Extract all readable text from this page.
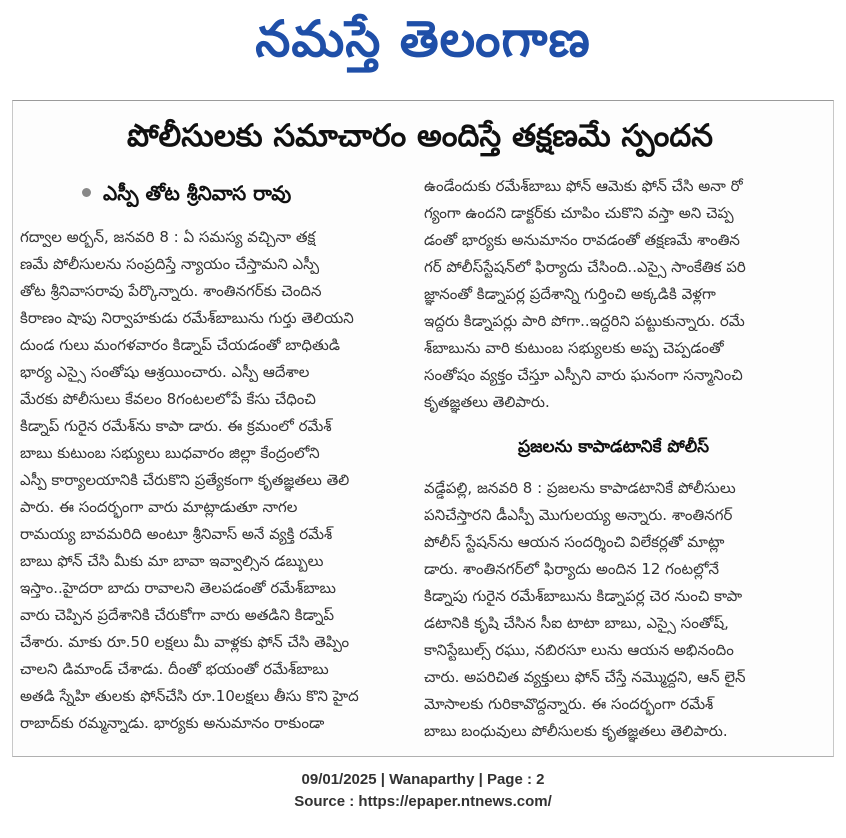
నమస్తే తెలంగాణ
పోలీసులకు సమాచారం అందిస్తే తక్షణమే స్పందన
ఎస్పీ తోట శ్రీనివాస రావు
గద్వాల అర్బన్, జనవరి 8 : ఏ సమస్య వచ్చినా తక్ష
ణమే పోలీసులను సంప్రదిస్తే న్యాయం చేస్తామని ఎస్పీ
తోట శ్రీనివాసరావు పేర్కొన్నారు. శాంతినగర్‌కు చెందిన
కిరాణం షాపు నిర్వాహకుడు రమేశ్‌బాబును గుర్తు తెలియని
దుండ గులు మంగళవారం కిడ్నాప్ చేయడంతో బాధితుడి
భార్య ఎస్సై సంతోషు ఆశ్రయించారు. ఎస్పీ ఆదేశాల
మేరకు పోలీసులు కేవలం 8గంటలలోపే కేసు చేధించి
కిడ్నాప్ గురైన రమేశ్‌ను కాపా డారు. ఈ క్రమంలో రమేశ్
బాబు కుటుంబ సభ్యులు బుధవారం జిల్లా కేంద్రంలోని
ఎస్పీ కార్యాలయానికి చేరుకొని ప్రత్యేకంగా కృతజ్ఞతలు తెలి
పారు. ఈ సందర్భంగా వారు మాట్లాడుతూ నాగల
రామయ్య బావమరిది అంటూ శ్రీనివాస్ అనే వ్యక్తి రమేశ్
బాబు ఫోన్ చేసి మీకు మా బావా ఇవ్వాల్సిన డబ్బులు
ఇస్తాం..హైదరా బాదు రావాలని తెలపడంతో రమేశ్‌బాబు
వారు చెప్పిన ప్రదేశానికి చేరుకోగా వారు అతడిని కిడ్నాప్
చేశారు. మాకు రూ.50 లక్షలు మీ వాళ్లకు ఫోన్ చేసి తెప్పిం
చాలని డిమాండ్ చేశాడు. దీంతో భయంతో రమేశ్‌బాబు
అతడి స్నేహి తులకు ఫోన్‌చేసి రూ.10లక్షలు తీసు కొని హైద
రాబాద్‌కు రమ్మన్నాడు. భార్యకు అనుమానం రాకుండా
ఉండేందుకు రమేశ్‌బాబు ఫోన్ ఆమెకు ఫోన్ చేసి అనా రో
గ్యంగా ఉందని డాక్టర్‌కు చూపిం చుకొని వస్తా అని చెప్ప
డంతో భార్యకు అనుమానం రావడంతో తక్షణమే శాంతిన
గర్ పోలీస్‌స్టేషన్‌లో ఫిర్యాదు చేసింది..ఎస్సై సాంకేతిక పరి
జ్ఞానంతో కిడ్నాపర్ల ప్రదేశాన్ని గుర్తించి అక్కడికి వెళ్లగా
ఇద్దరు కిడ్నాపర్లు పారి పోగా..ఇద్దరిని పట్టుకున్నారు. రమే
శ్‌బాబును వారి కుటుంబ సభ్యులకు అప్ప చెప్పడంతో
సంతోషం వ్యక్తం చేస్తూ ఎస్పీని వారు ఘనంగా సన్మానించి
కృతజ్ఞతలు తెలిపారు.
ప్రజలను కాపాడటానికే పోలీస్
వడ్డేపల్లి, జనవరి 8 : ప్రజలను కాపాడటానికే పోలీసులు
పనిచేస్తారని డీఎస్పీ మొగులయ్య అన్నారు. శాంతినగర్
పోలీస్ స్టేషన్‌ను ఆయన సందర్శించి విలేకర్లతో మాట్లా
డారు. శాంతినగర్‌లో ఫిర్యాదు అందిన 12 గంటల్లోనే
కిడ్నాపు గురైన రమేశ్‌బాబును కిడ్నాపర్ల చెర నుంచి కాపా
డటానికి కృషి చేసిన సీఐ టాటా బాబు, ఎస్సై సంతోష్,
కానిస్టేబుల్స్ రఘు, నబిరసూ లును ఆయన అభినందిం
చారు. అపరిచిత వ్యక్తులు ఫోన్ చేస్తే నమ్మొద్దని, ఆన్ లైన్
మోసాలకు గురికావొద్దన్నారు. ఈ సందర్భంగా రమేశ్
బాబు బంధువులు పోలీసులకు కృతజ్ఞతలు తెలిపారు.
09/01/2025 | Wanaparthy | Page : 2
Source : https://epaper.ntnews.com/
